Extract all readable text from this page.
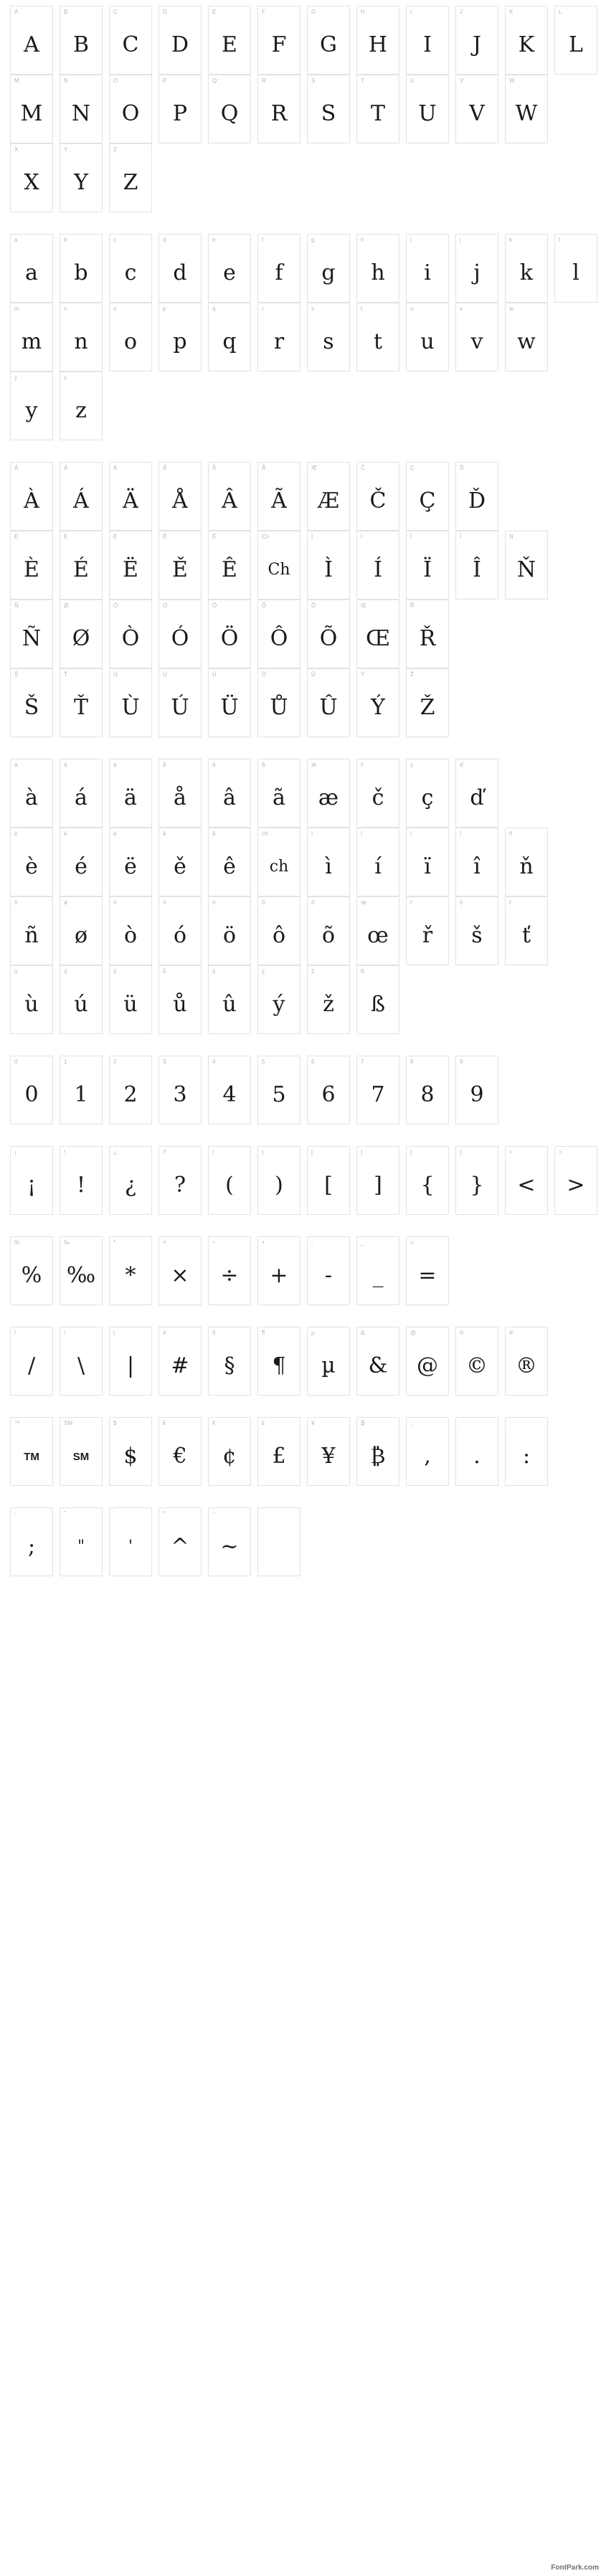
A
A
B
B
C
C
D
D
E
E
F
F
G
G
H
H
I
I
J
J
K
K
L
L
M
M
N
N
O
O
P
P
Q
Q
R
R
S
S
T
T
U
U
V
V
W
W
X
X
Y
Y
Z
Z
a
a
b
b
c
c
d
d
e
e
f
f
g
g
h
h
i
i
j
j
k
k
l
l
m
m
n
n
o
o
p
p
q
q
r
r
s
s
t
t
u
u
v
v
w
w
y
y
z
z
À
À
Á
Á
Ä
Ä
Å
Å
Â
Â
Ã
Ã
Æ
Æ
Č
Č
Ç
Ç
Ď
Ď
È
È
É
É
Ë
Ë
Ě
Ě
Ê
Ê
Ch
Ch
Ì
Ì
Í
Í
Ï
Ï
Î
Î
Ň
Ň
Ñ
Ñ
Ø
Ø
Ò
Ò
Ó
Ó
Ö
Ö
Ô
Ô
Õ
Õ
Œ
Œ
Ř
Ř
Š
Š
Ť
Ť
Ù
Ù
Ú
Ú
Ü
Ü
Ů
Ů
Û
Û
Ý
Ý
Ž
Ž
à
à
á
á
ä
ä
å
å
â
â
ã
ã
æ
æ
č
č
ç
ç
ď
ď
è
è
é
é
ë
ë
ě
ě
ê
ê
ch
ch
ì
ì
í
í
ï
ï
î
î
ň
ň
ñ
ñ
ø
ø
ò
ò
ó
ó
ö
ö
ô
ô
õ
õ
œ
œ
ř
ř
š
š
ť
ť
ù
ù
ú
ú
ü
ü
ů
ů
û
û
ý
ý
ž
ž
ß
ß
0
0
1
1
2
2
3
3
4
4
5
5
6
6
7
7
8
8
9
9
¡
¡
!
!
¿
¿
?
?
(
(
)
)
[
[
]
]
{
{
}
}
<
<
>
>
%
%
‰
‰
*
*
×
×
÷
÷
+
+
-
-
_
_
=
=
/
/
\
\
|
|
#
#
§
§
¶
¶
µ
µ
&
&
@
@
©
©
®
®
™
TM
SM
SM
$
$
€
€
¢
¢
£
£
¥
¥
₿
₿
,
,
.
.
:
:
;
;
"
"
'
'
^
^
~
~
FontPark.com
